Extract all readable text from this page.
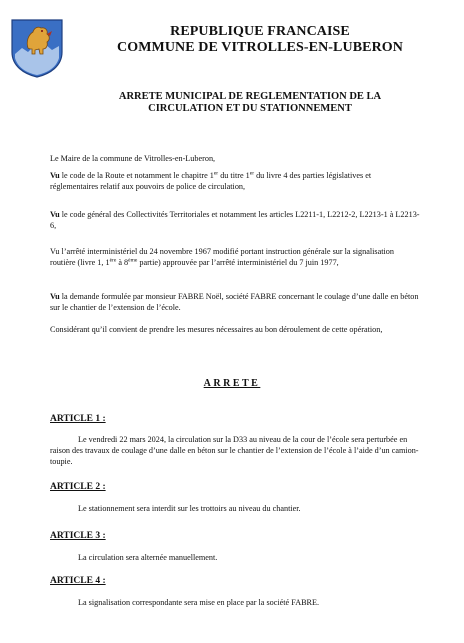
REPUBLIQUE FRANCAISE
COMMUNE DE VITROLLES-EN-LUBERON
ARRETE MUNICIPAL DE REGLEMENTATION DE LA
CIRCULATION ET DU STATIONNEMENT
Le Maire de la commune de Vitrolles-en-Luberon,
Vu le code de la Route et notamment le chapitre 1er du titre 1er du livre 4 des parties législatives et réglementaires relatif aux pouvoirs de police de circulation,
Vu le code général des Collectivités Territoriales et notamment les articles L2211-1, L2212-2, L2213-1 à L2213-6,
Vu l’arrêté interministériel du 24 novembre 1967 modifié portant instruction générale sur la signalisation routière (livre 1, 1ère à 8ème partie) approuvée par l’arrêté interministériel du 7 juin 1977,
Vu la demande formulée par monsieur FABRE Noël, société FABRE concernant le coulage d’une dalle en béton sur le chantier de l’extension de l’école.
Considérant qu’il convient de prendre les mesures nécessaires au bon déroulement de cette opération,
ARRETE
ARTICLE 1 :
Le vendredi 22 mars 2024, la circulation sur la D33 au niveau de la cour de l’école sera perturbée en raison des travaux de coulage d’une dalle en béton sur le chantier de l’extension de l’école à l’aide d’un camion-toupie.
ARTICLE 2 :
Le stationnement sera interdit sur les trottoirs au niveau du chantier.
ARTICLE 3 :
La circulation sera alternée manuellement.
ARTICLE 4 :
La signalisation correspondante sera mise en place par la société FABRE.
